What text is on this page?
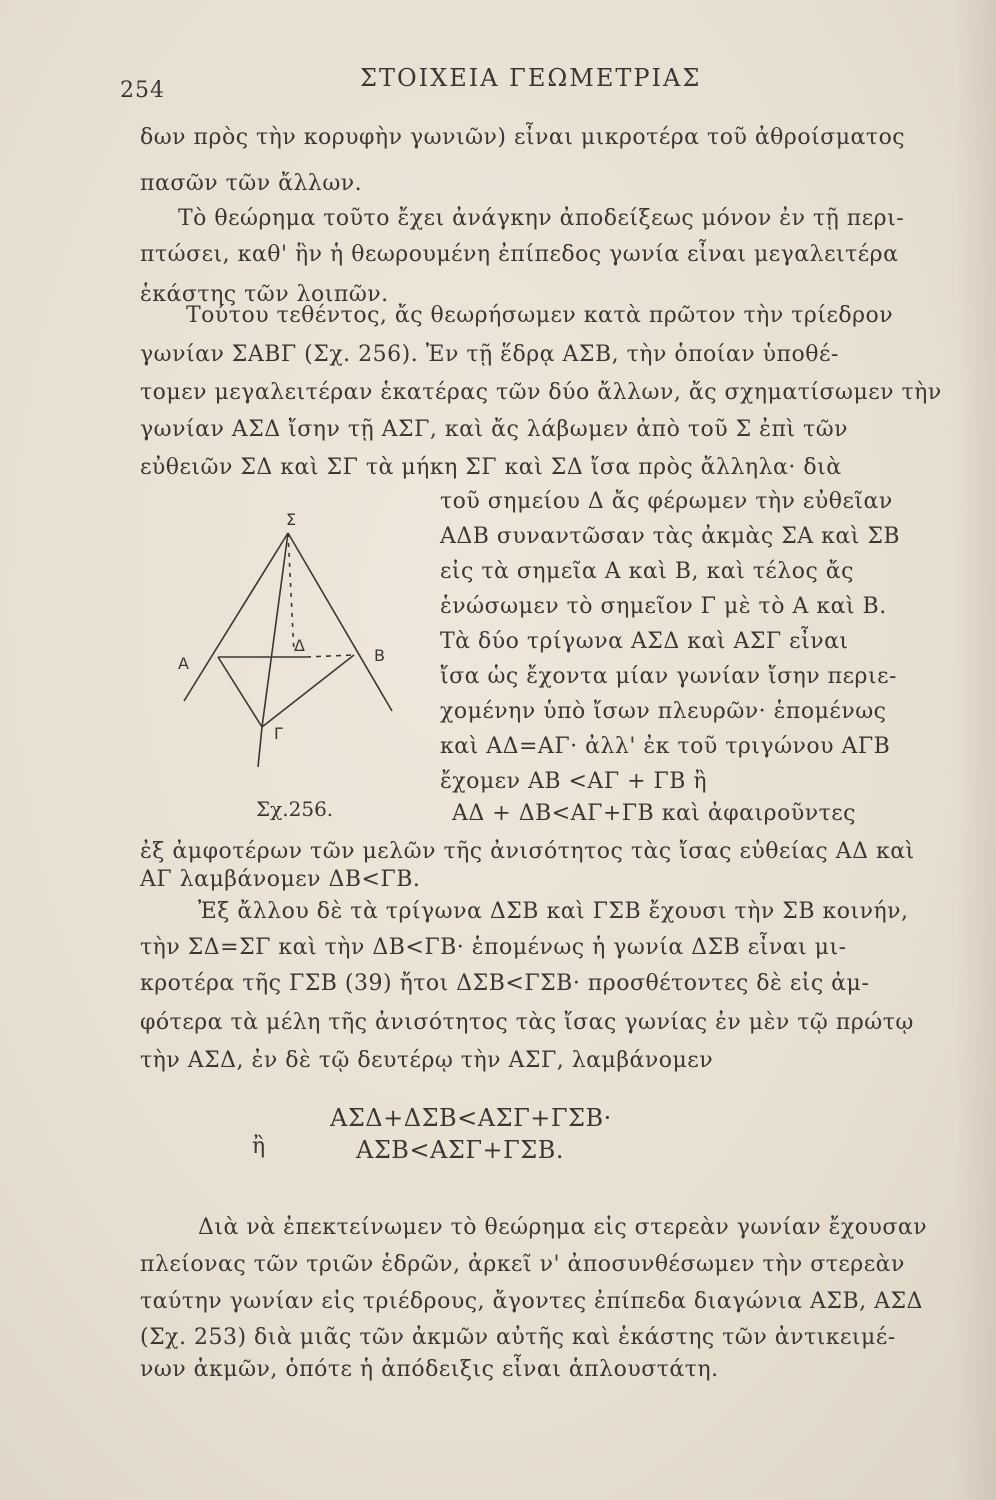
254	ΣΤΟΙΧΕΙΑ ΓΕΩΜΕΤΡΙΑΣ
δων πρὸς τὴν κορυφὴν γωνιῶν) εἶναι μικροτέρα τοῦ ἀθροίσματος
πασῶν τῶν ἄλλων.
Τὸ θεώρημα τοῦτο ἔχει ἀνάγκην ἀποδείξεως μόνον ἐν τῇ περι-
πτώσει, καθ' ἣν ἡ θεωρουμένη ἐπίπεδος γωνία εἶναι μεγαλειτέρα
ἑκάστης τῶν λοιπῶν.
Τούτου τεθέντος, ἄς θεωρήσωμεν κατὰ πρῶτον τὴν τρίεδρον
γωνίαν ΣΑΒΓ (Σχ. 256). Ἐν τῇ ἕδρᾳ ΑΣΒ, τὴν ὁποίαν ὑποθέ-
τομεν μεγαλειτέραν ἑκατέρας τῶν δύο ἄλλων, ἄς σχηματίσωμεν τὴν
γωνίαν ΑΣΔ ἴσην τῇ ΑΣΓ, καὶ ἄς λάβωμεν ἀπὸ τοῦ Σ ἐπὶ τῶν
εὐθειῶν ΣΔ καὶ ΣΓ τὰ μήκη ΣΓ καὶ ΣΔ ἴσα πρὸς ἄλληλα· διὰ
τοῦ σημείου Δ ἄς φέρωμεν τὴν εὐθεῖαν
ΑΔΒ συναντῶσαν τὰς ἀκμὰς ΣΑ καὶ ΣΒ
εἰς τὰ σημεῖα Α καὶ Β, καὶ τέλος ἄς
ἑνώσωμεν τὸ σημεῖον Γ μὲ τὸ Α καὶ Β.
Τὰ δύο τρίγωνα ΑΣΔ καὶ ΑΣΓ εἶναι
ἴσα ὡς ἔχοντα μίαν γωνίαν ἴσην περιε-
χομένην ὑπὸ ἴσων πλευρῶν· ἑπομένως
καὶ ΑΔ=ΑΓ· ἀλλ' ἐκ τοῦ τριγώνου ΑΓΒ
ἔχομεν ΑΒ <ΑΓ + ΓΒ ἢ
ΑΔ + ΔΒ<ΑΓ+ΓΒ καὶ ἀφαιροῦντες
Σ
Α	Β
Γ
Δ
Σχ.256.
ἐξ ἀμφοτέρων τῶν μελῶν τῆς ἀνισότητος τὰς ἴσας εὐθείας ΑΔ καὶ
ΑΓ λαμβάνομεν ΔΒ<ΓΒ.
Ἐξ ἄλλου δὲ τὰ τρίγωνα ΔΣΒ καὶ ΓΣΒ ἔχουσι τὴν ΣΒ κοινήν,
τὴν ΣΔ=ΣΓ καὶ τὴν ΔΒ<ΓΒ· ἑπομένως ἡ γωνία ΔΣΒ εἶναι μι-
κροτέρα τῆς ΓΣΒ (39) ἤτοι ΔΣΒ<ΓΣΒ· προσθέτοντες δὲ εἰς ἀμ-
φότερα τὰ μέλη τῆς ἀνισότητος τὰς ἴσας γωνίας ἐν μὲν τῷ πρώτῳ
τὴν ΑΣΔ, ἐν δὲ τῷ δευτέρῳ τὴν ΑΣΓ, λαμβάνομεν
ΑΣΔ+ΔΣΒ<ΑΣΓ+ΓΣΒ·
ἢ	ΑΣΒ<ΑΣΓ+ΓΣΒ.
Διὰ νὰ ἐπεκτείνωμεν τὸ θεώρημα εἰς στερεὰν γωνίαν ἔχουσαν
πλείονας τῶν τριῶν ἑδρῶν, ἀρκεῖ ν' ἀποσυνθέσωμεν τὴν στερεὰν
ταύτην γωνίαν εἰς τριέδρους, ἄγοντες ἐπίπεδα διαγώνια ΑΣΒ, ΑΣΔ
(Σχ. 253) διὰ μιᾶς τῶν ἀκμῶν αὐτῆς καὶ ἑκάστης τῶν ἀντικειμέ-
νων ἀκμῶν, ὁπότε ἡ ἀπόδειξις εἶναι ἁπλουστάτη.
